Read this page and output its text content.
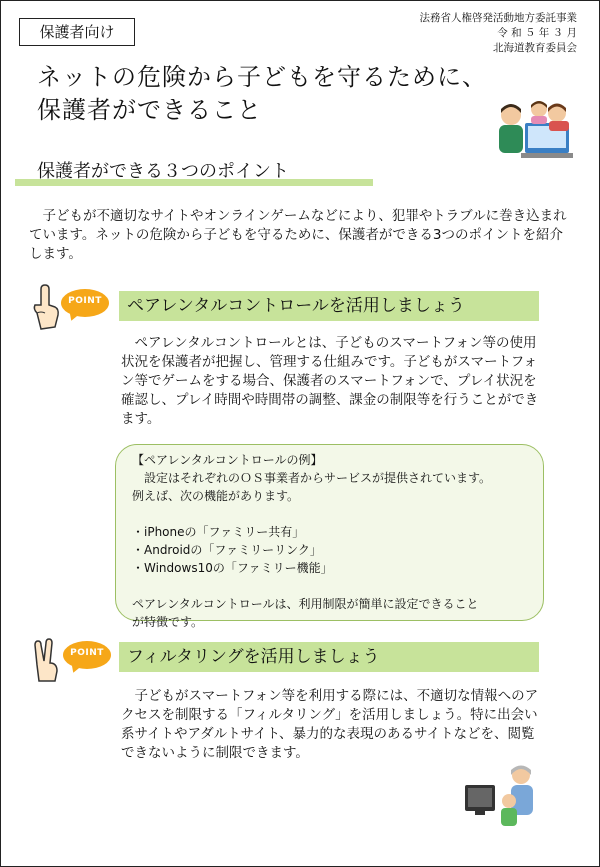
保護者向け
法務省人権啓発活動地方委託事業
令 和 ５ 年 ３ 月
北海道教育委員会
ネットの危険から子どもを守るために、
保護者ができること
保護者ができる３つのポイント

子どもが不適切なサイトやオンラインゲームなどにより、犯罪やトラブルに巻き込まれています。ネットの危険から子どもを守るために、保護者ができる3つのポイントを紹介します。

POINT	ペアレンタルコントロールを活用しましょう

ペアレンタルコントロールとは、子どものスマートフォン等の使用状況を保護者が把握し、管理する仕組みです。子どもがスマートフォン等でゲームをする場合、保護者のスマートフォンで、プレイ状況を確認し、プレイ時間や時間帯の調整、課金の制限等を行うことができます。

【ペアレンタルコントロールの例】
　設定はそれぞれのＯＳ事業者からサービスが提供されています。
例えば、次の機能があります。
・iPhoneの「ファミリー共有」
・Androidの「ファミリーリンク」
・Windows10の「ファミリー機能」
ペアレンタルコントロールは、利用制限が簡単に設定できること
が特徴です。
POINT	フィルタリングを活用しましょう

子どもがスマートフォン等を利用する際には、不適切な情報へのアクセスを制限する「フィルタリング」を活用しましょう。特に出会い系サイトやアダルトサイト、暴力的な表現のあるサイトなどを、閲覧できないように制限できます。
